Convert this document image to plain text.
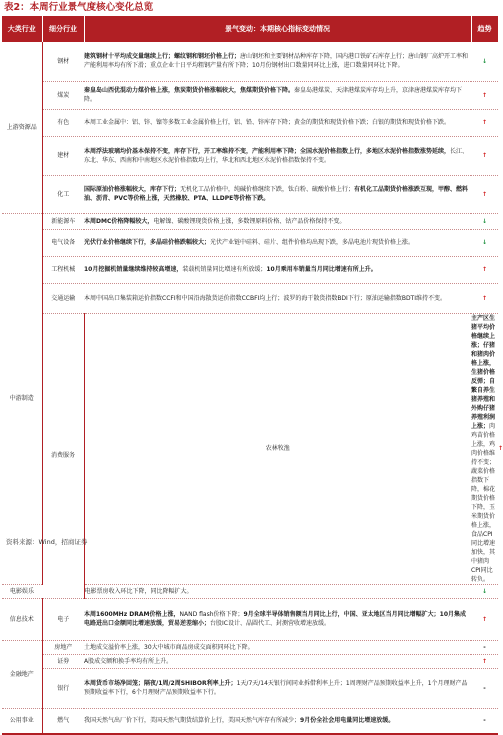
表2：本周行业景气度核心变化总览
大类行业	细分行业	景气变动：本期核心指标变动情况	趋势	
上游资源品	钢材	建筑钢材十平均成交量继续上行；螺纹钢和钢坯价格上行；唐山钢坯和主要钢材品种库存下降，国内港口铁矿石库存上行；唐山钢厂高炉开工率和产能利用率均有所下滑；重点企业十日平均粗钢产量有所下降；10月份钢材出口数量同环比上涨，进口数量同环比下降。	↓	
	煤炭	秦皇岛山西优混动力煤价格上涨，焦炭期货价格涨幅较大，焦煤期货价格下降。秦皇岛港煤炭、天津港煤炭库存均上升，京津唐港煤炭库存均下降。	↑	
	有色	本周工业金属中：铝、锌、镍等多数工业金属价格上行，铝、铅、锌库存下降；黄金的期货和现货价格下跌；白银的期货和现货价格下跌。	↑	
	建材	本周浮法玻璃均价基本保持不变，库存下行，开工率维持不变，产能利用率下降；全国水泥价格指数上行，多地区水泥价格指数涨势延续，长江、东北、华东、西南和中南地区水泥价格指数均上行，华北和西北地区水泥价格指数保持不变。	↑	
	化工	国际原油价格涨幅较大，库存下行；无机化工品价格中，纯碱价格继续下跌，钛白粉、硫酸价格上行；有机化工品期货价格涨跌互现，甲醇、燃料油、沥青、PVC等价格上涨，天然橡胶、PTA、LLDPE等价格下跌。	↑	
中游制造	新能源车	本周DMC价格降幅较大，电解镍、碳酸锂现货价格上涨，多数锂原料价格、钴产品价格保持不变。	↓	
	电气设备	光伏行业价格继续下行，多晶硅价格跌幅较大；光伏产业链中硅料、硅片、组件价格均出现下跌，多晶电池片现货价格上涨。	↓	
	工程机械	10月挖掘机销量继续维持较高增速，装载机销量同比增速有所放缓；10月乘用车销量当月同比增速有所上升。	↑	
	交通运输	本周中国出口集装箱运价指数CCFI和中国沿海散货运价指数CCBFI均上行；波罗的海干散货指数BDI下行；原油运输指数BDTI维持不变。	↑	
	消费服务	农林牧渔	主产区生猪平均价格继续上涨；仔猪和猪肉价格上涨，生猪价格反弹；自繁自养生猪养殖和外购仔猪养殖利润上涨；肉鸡苗价格上涨，鸡肉价格维持不变；蔬菜价格指数下降，棉花期货价格下降，玉米期货价格上涨，食品CPI同比增速加快，其中猪肉CPI同比转负。	↑
电影娱乐		电影票房收入环比下降，同比降幅扩大。	↓	
信息技术	电子	本周1600MHz DRAM价格上涨，NAND flash价格下降；9月全球半导体销售额当月同比上行，中国、亚太地区当月同比增幅扩大；10月集成电路进出口金额同比增速放缓，贸易逆差缩小；台股IC设计、晶圆代工、封测营收增速放缓。	↑	
金融地产	房地产	土地成交溢价率上涨，30大中城市商品房成交面积同环比下降。	-	
	证券	A股成交额和换手率均有所上升。	↑	
	银行	本周货币市场净回笼；隔夜/1周/2周SHIBOR利率上升；1天/7天/14天银行间同业拆借利率上升；1周理财产品预期收益率上升，1个月理财产品预期收益率下行，6个月理财产品预期收益率下行。	-	
公用事业	燃气	我国天然气出厂价下行，美国天然气期货结算价上行，美国天然气库存有所减少；9月份全社会用电量同比增速放缓。	-	
资料来源：Wind，招商证券
